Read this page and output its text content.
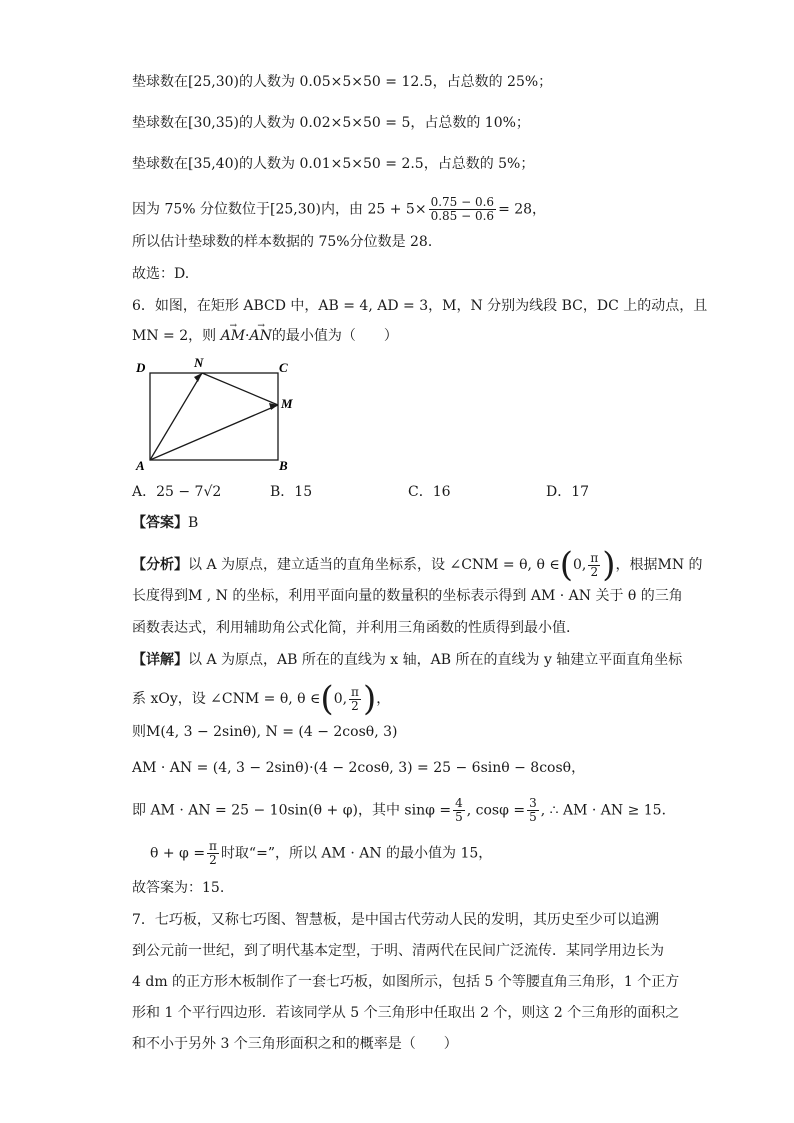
垫球数在[25,30)的人数为 0.05×5×50 = 12.5，占总数的 25%；
垫球数在[30,35)的人数为 0.02×5×50 = 5，占总数的 10%；
垫球数在[35,40)的人数为 0.01×5×50 = 2.5，占总数的 5%；
因为 75% 分位数位于[25,30)内，由 $25 + 5\times \frac{0.75 - 0.6}{0.85 - 0.6} = 28$，
所以估计垫球数的样本数据的 75%分位数是 28．
故选：D.
6．如图，在矩形 ABCD 中，AB = 4, AD = 3，M，N 分别为线段 BC，DC 上的动点，且
MN = 2，则 → AM·→ AN的最小值为（　　）
D	N	C
M
A	B
A．25 − 7√2	B．15	C．16	D．17
【答案】B
【分析】以 A 为原点，建立适当的直角坐标系，设 ∠CNM = θ, θ ∈(0, $\frac{\pi}{2}$ )，根据MN 的
长度得到M , N 的坐标，利用平面向量的数量积的坐标表示得到 AM · AN 关于 θ 的三角
函数表达式，利用辅助角公式化简，并利用三角函数的性质得到最小值.
【详解】以 A 为原点，AB 所在的直线为 x 轴，AB 所在的直线为 y 轴建立平面直角坐标
系 xOy，设 ∠CNM = θ, θ ∈(0, $\frac{\pi}{2}$ )，
则M(4, 3 − 2sinθ), N = (4 − 2cosθ, 3)
AM · AN = (4, 3 − 2sinθ)·(4 − 2cosθ, 3) = 25 − 6sinθ − 8cosθ，
即 AM · AN = 25 − 10sin(θ + φ)，其中 $\sin\varphi = \frac{4}{5}$ , $\cos\varphi = \frac{3}{5}$ , ∴ AM · AN ≥ 15．
$\theta + \varphi = \frac{\pi}{2}$ 时取“=”，所以 AM · AN 的最小值为 15，
故答案为：15.
7．七巧板，又称七巧图、智慧板，是中国古代劳动人民的发明，其历史至少可以追溯
到公元前一世纪，到了明代基本定型，于明、清两代在民间广泛流传．某同学用边长为
4 dm 的正方形木板制作了一套七巧板，如图所示，包括 5 个等腰直角三角形，1 个正方
形和 1 个平行四边形．若该同学从 5 个三角形中任取出 2 个，则这 2 个三角形的面积之
和不小于另外 3 个三角形面积之和的概率是（　　）
